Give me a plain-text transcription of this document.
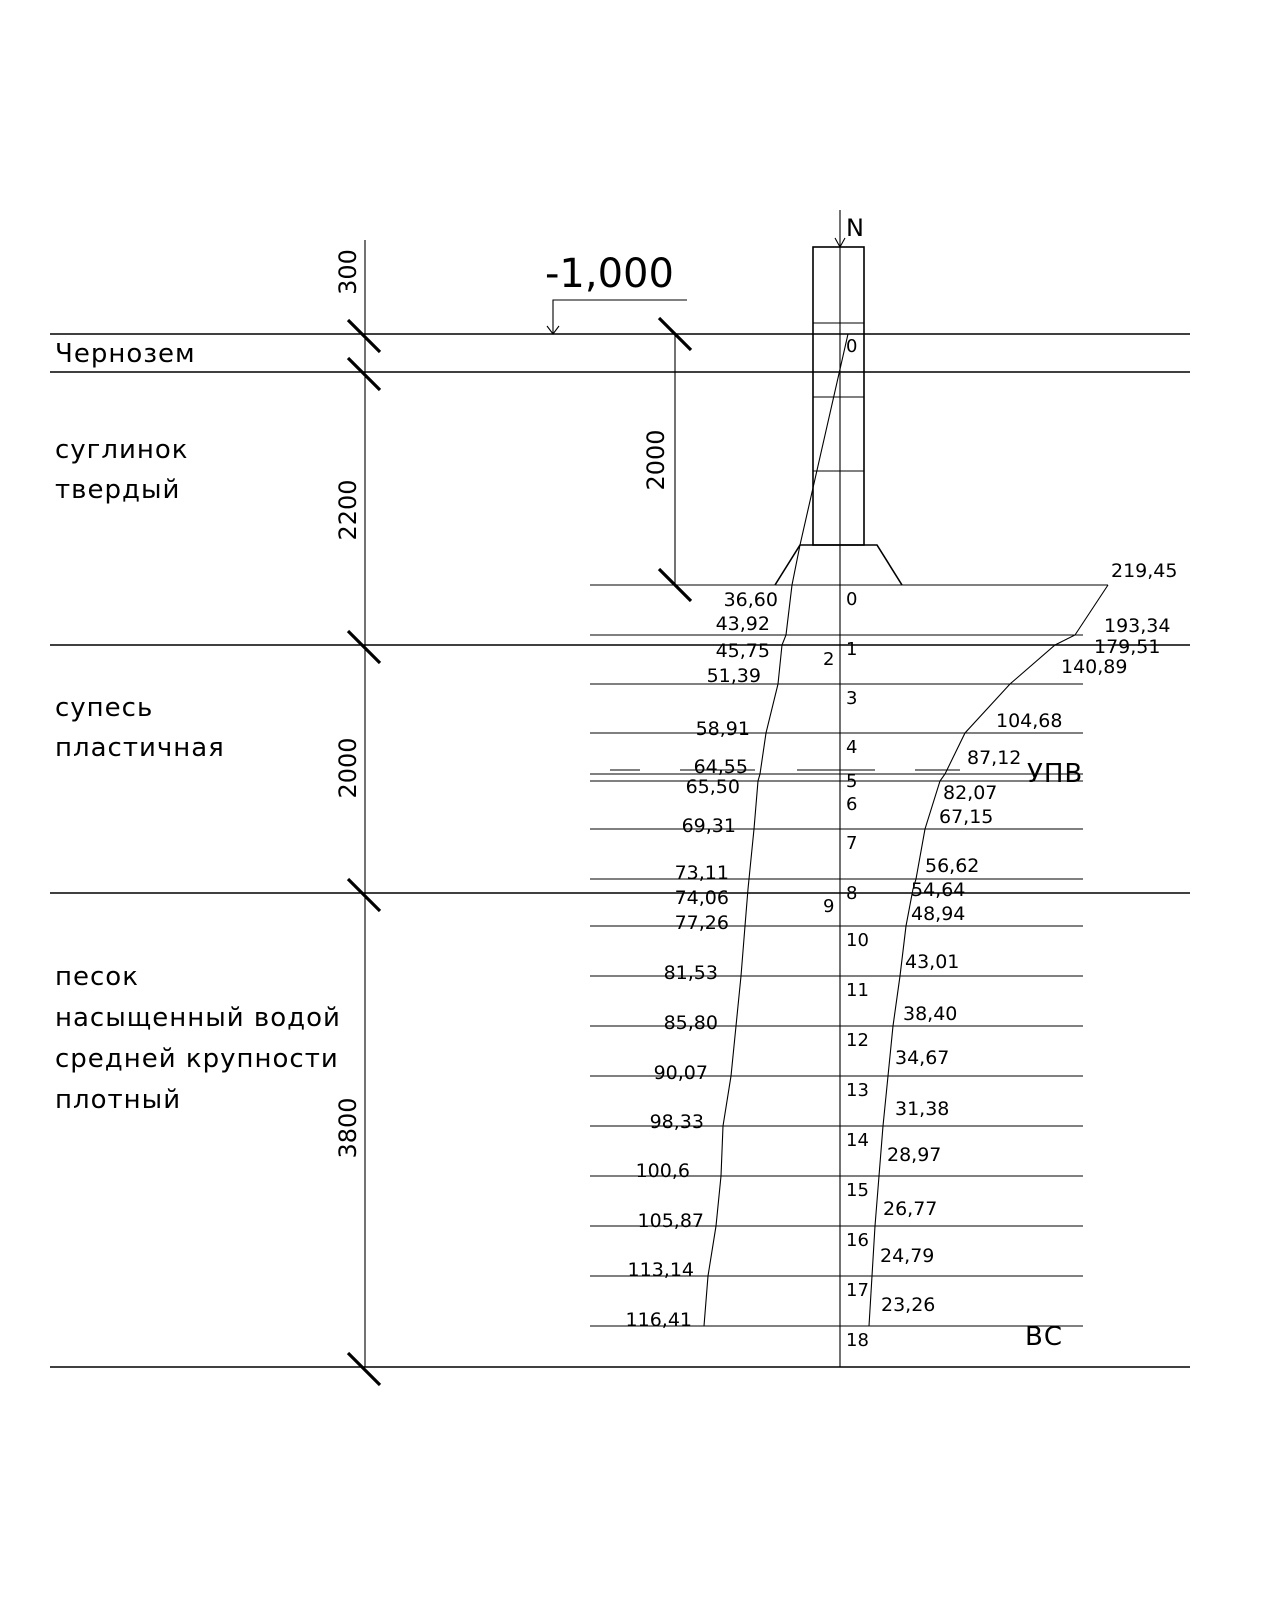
300
2200
2000
3800
Чернозем
суглинок
твердый
супесь
пластичная
песок
насыщенный водой
средней крупности
плотный
-1,000
2000
N
УПВ
0
0
1
2
3
4
5
6
7
8
9
10
11
12
13
14
15
16
17
18
36,60
43,92
45,75
51,39
58,91
64,55
65,50
69,31
73,11
74,06
77,26
81,53
85,80
90,07
98,33
100,6
105,87
113,14
116,41
219,45
193,34
179,51
140,89
104,68
87,12
82,07
67,15
56,62
54,64
48,94
43,01
38,40
34,67
31,38
28,97
26,77
24,79
23,26
ВС
